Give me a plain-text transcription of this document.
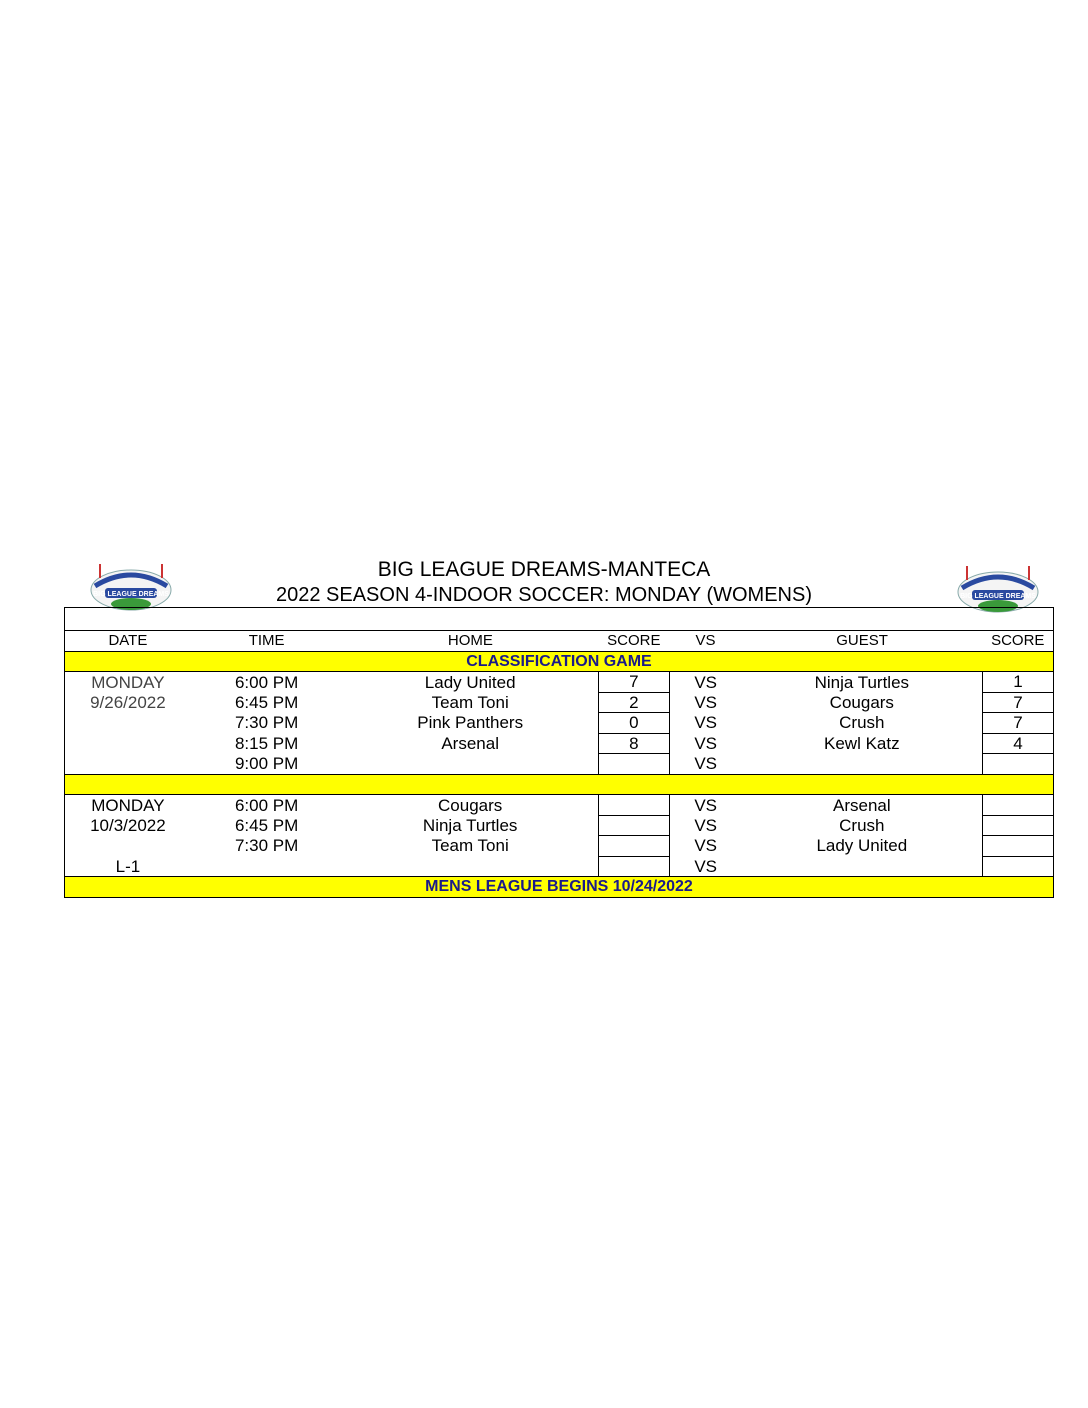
BIG LEAGUE DREAMS-MANTECA
2022 SEASON 4-INDOOR SOCCER: MONDAY (WOMENS)
BIG LEAGUE DREAMS	BIG LEAGUE DREAMS
DATE	TIME	HOME	SCORE	VS	GUEST	SCORE
CLASSIFICATION GAME						
MONDAY	6:00 PM	Lady United	7	VS	Ninja Turtles	1
9/26/2022	6:45 PM	Team Toni	2	VS	Cougars	7
	7:30 PM	Pink Panthers	0	VS	Crush	7
	8:15 PM	Arsenal	8	VS	Kewl Katz	4
	9:00 PM			VS		

MONDAY	6:00 PM	Cougars		VS	Arsenal	
10/3/2022	6:45 PM	Ninja Turtles		VS	Crush	
	7:30 PM	Team Toni		VS	Lady United	
L-1				VS		
MENS LEAGUE BEGINS 10/24/2022						
